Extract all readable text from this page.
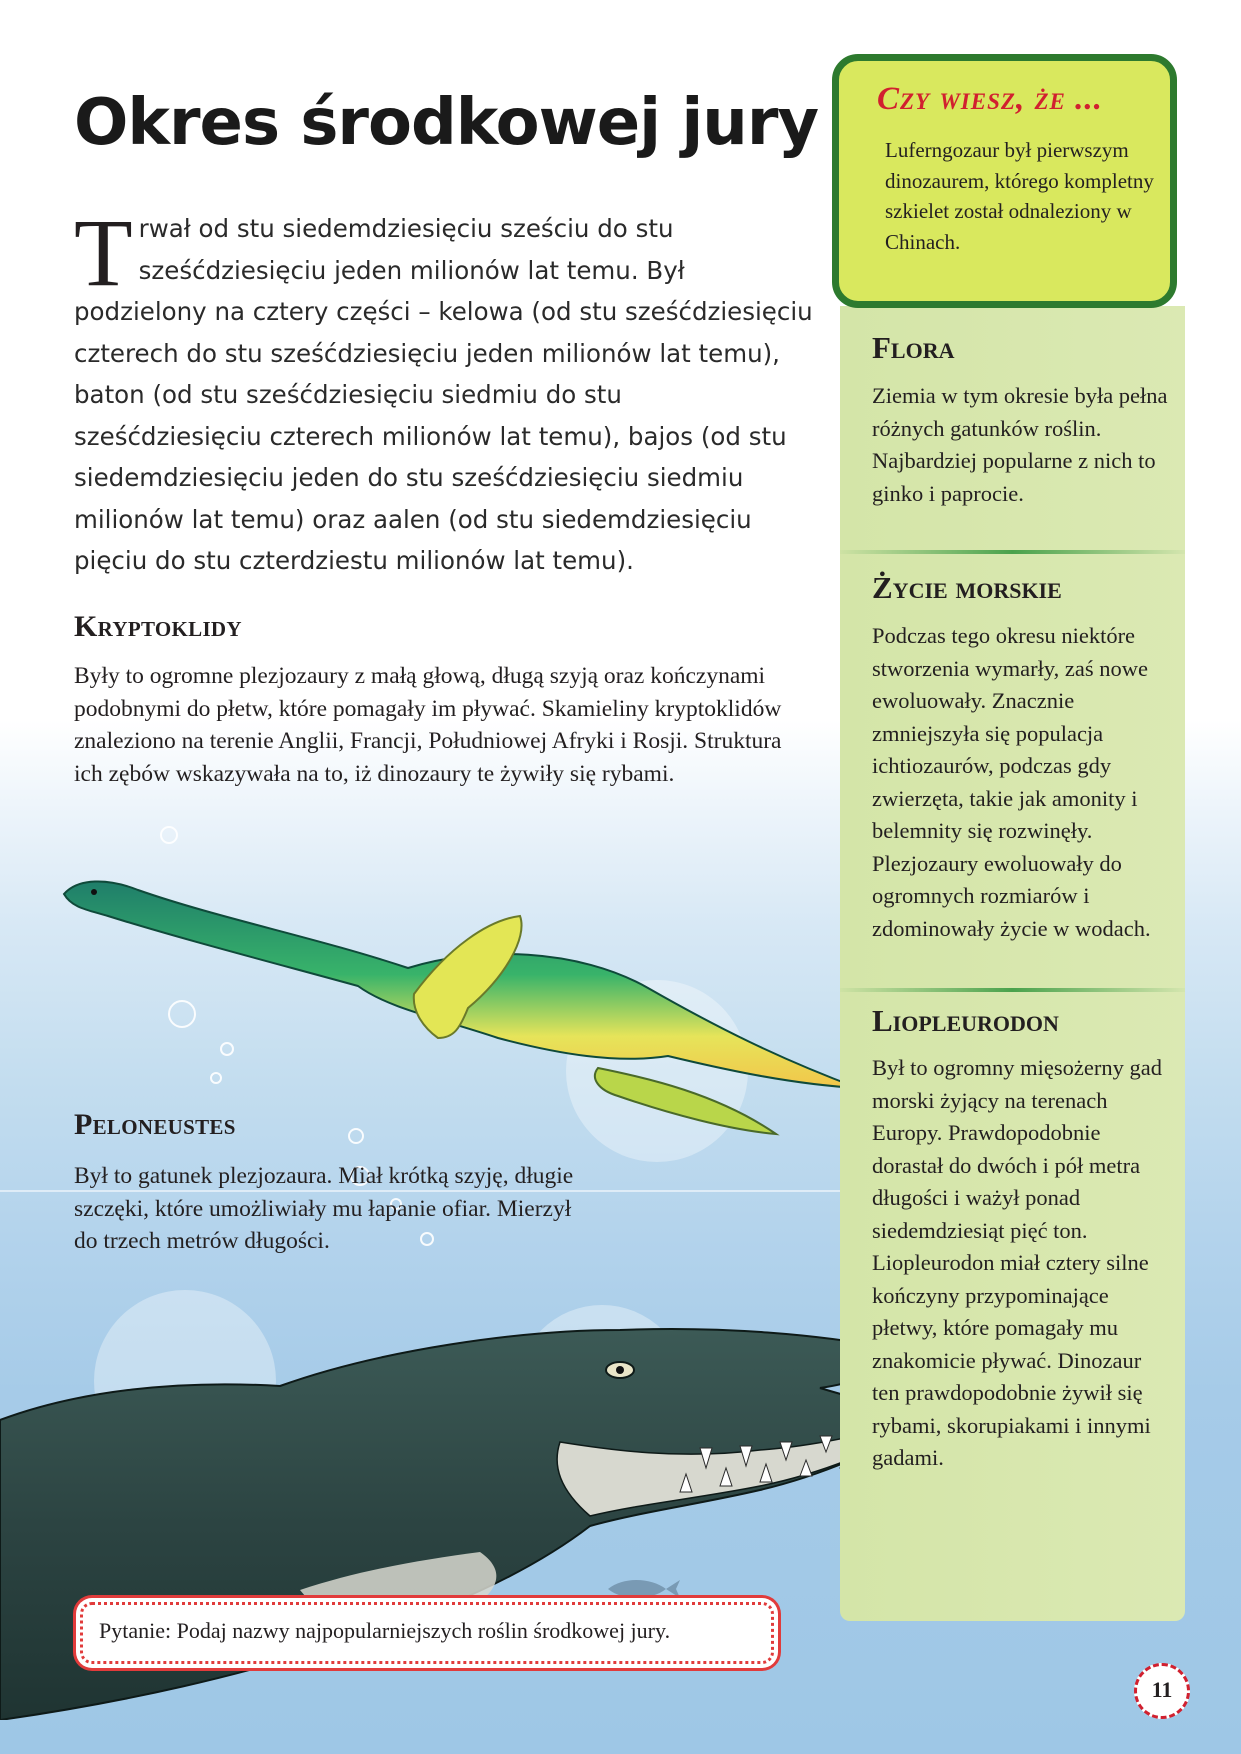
Okres środkowej jury

Trwał od stu siedemdziesięciu sześciu do stu sześćdziesięciu jeden milionów lat temu. Był podzielony na cztery części – kelowa (od stu sześćdziesięciu czterech do stu sześćdziesięciu jeden milionów lat temu), baton (od stu sześćdziesięciu siedmiu do stu sześćdziesięciu czterech milionów lat temu), bajos (od stu siedemdziesięciu jeden do stu sześćdziesięciu siedmiu milionów lat temu) oraz aalen (od stu siedemdziesięciu pięciu do stu czterdziestu milionów lat temu).

Kryptoklidy

Były to ogromne plezjozaury z małą głową, długą szyją oraz kończynami podobnymi do płetw, które pomagały im pływać. Skamieliny kryptoklidów znaleziono na terenie Anglii, Francji, Południowej Afryki i Rosji. Struktura ich zębów wskazywała na to, iż dinozaury te żywiły się rybami.

Peloneustes

Był to gatunek plezjozaura. Miał krótką szyję, długie szczęki, które umożliwiały mu łapanie ofiar. Mierzył do trzech metrów długości.

Czy wiesz, że ...

Luferngozaur był pierwszym dinozaurem, którego kompletny szkielet został odnaleziony w Chinach.

Flora

Ziemia w tym okresie była pełna różnych gatunków roślin. Najbardziej popularne z nich to ginko i paprocie.

Życie morskie

Podczas tego okresu niektóre stworzenia wymarły, zaś nowe ewoluowały. Znacznie zmniejszyła się populacja ichtiozaurów, podczas gdy zwierzęta, takie jak amonity i belemnity się rozwinęły. Plezjozaury ewoluowały do ogromnych rozmiarów i zdominowały życie w wodach.

Liopleurodon

Był to ogromny mięsożerny gad morski żyjący na terenach Europy. Prawdopodobnie dorastał do dwóch i pół metra długości i ważył ponad siedemdziesiąt pięć ton. Liopleurodon miał cztery silne kończyny przypominające płetwy, które pomagały mu znakomicie pływać. Dinozaur ten prawdopodobnie żywił się rybami, skorupiakami i innymi gadami.

Pytanie: Podaj nazwy najpopularniejszych roślin środkowej jury.

11
